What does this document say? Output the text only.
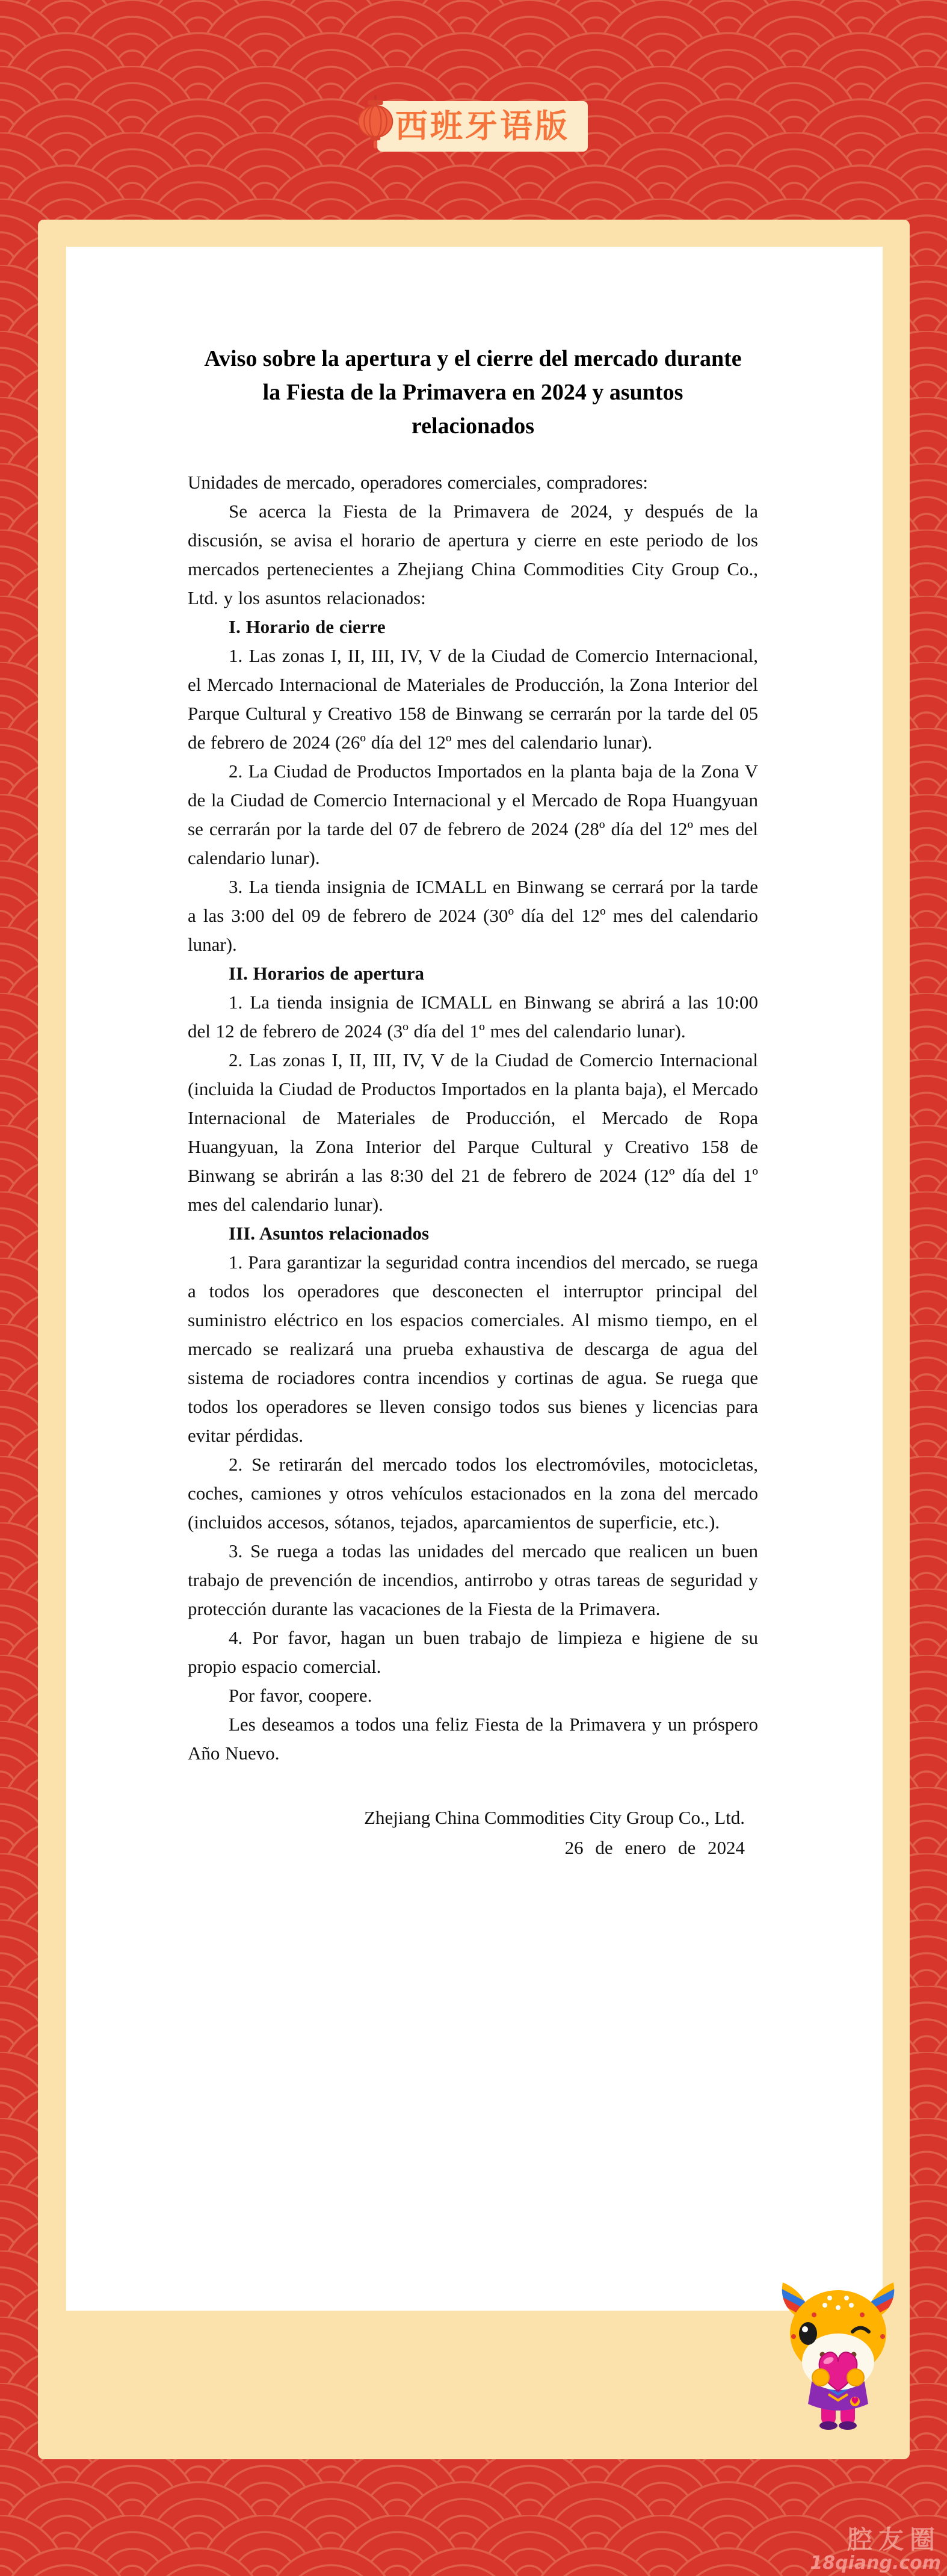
西班牙语版
Aviso sobre la apertura y el cierre del mercado durante la Fiesta de la Primavera en 2024 y asuntos relacionados

Unidades de mercado, operadores comerciales, compradores:

Se acerca la Fiesta de la Primavera de 2024, y después de la discusión, se avisa el horario de apertura y cierre en este periodo de los mercados pertenecientes a Zhejiang China Commodities City Group Co., Ltd. y los asuntos relacionados:

I. Horario de cierre

1. Las zonas I, II, III, IV, V de la Ciudad de Comercio Internacional, el Mercado Internacional de Materiales de Producción, la Zona Interior del Parque Cultural y Creativo 158 de Binwang se cerrarán por la tarde del 05 de febrero de 2024 (26º día del 12º mes del calendario lunar).

2. La Ciudad de Productos Importados en la planta baja de la Zona V de la Ciudad de Comercio Internacional y el Mercado de Ropa Huangyuan se cerrarán por la tarde del 07 de febrero de 2024 (28º día del 12º mes del calendario lunar).

3. La tienda insignia de ICMALL en Binwang se cerrará por la tarde a las 3:00 del 09 de febrero de 2024 (30º día del 12º mes del calendario lunar).

II. Horarios de apertura

1. La tienda insignia de ICMALL en Binwang se abrirá a las 10:00 del 12 de febrero de 2024 (3º día del 1º mes del calendario lunar).

2. Las zonas I, II, III, IV, V de la Ciudad de Comercio Internacional (incluida la Ciudad de Productos Importados en la planta baja), el Mercado Internacional de Materiales de Producción, el Mercado de Ropa Huangyuan, la Zona Interior del Parque Cultural y Creativo 158 de Binwang se abrirán a las 8:30 del 21 de febrero de 2024 (12º día del 1º mes del calendario lunar).

III. Asuntos relacionados

1. Para garantizar la seguridad contra incendios del mercado, se ruega a todos los operadores que desconecten el interruptor principal del suministro eléctrico en los espacios comerciales. Al mismo tiempo, en el mercado se realizará una prueba exhaustiva de descarga de agua del sistema de rociadores contra incendios y cortinas de agua. Se ruega que todos los operadores se lleven consigo todos sus bienes y licencias para evitar pérdidas.

2. Se retirarán del mercado todos los electromóviles, motocicletas, coches, camiones y otros vehículos estacionados en la zona del mercado (incluidos accesos, sótanos, tejados, aparcamientos de superficie, etc.).

3. Se ruega a todas las unidades del mercado que realicen un buen trabajo de prevención de incendios, antirrobo y otras tareas de seguridad y protección durante las vacaciones de la Fiesta de la Primavera.

4. Por favor, hagan un buen trabajo de limpieza e higiene de su propio espacio comercial.

Por favor, coopere.

Les deseamos a todos una feliz Fiesta de la Primavera y un próspero Año Nuevo.

Zhejiang China Commodities City Group Co., Ltd.
26 de enero de 2024
腔友圈
18qiang.com
